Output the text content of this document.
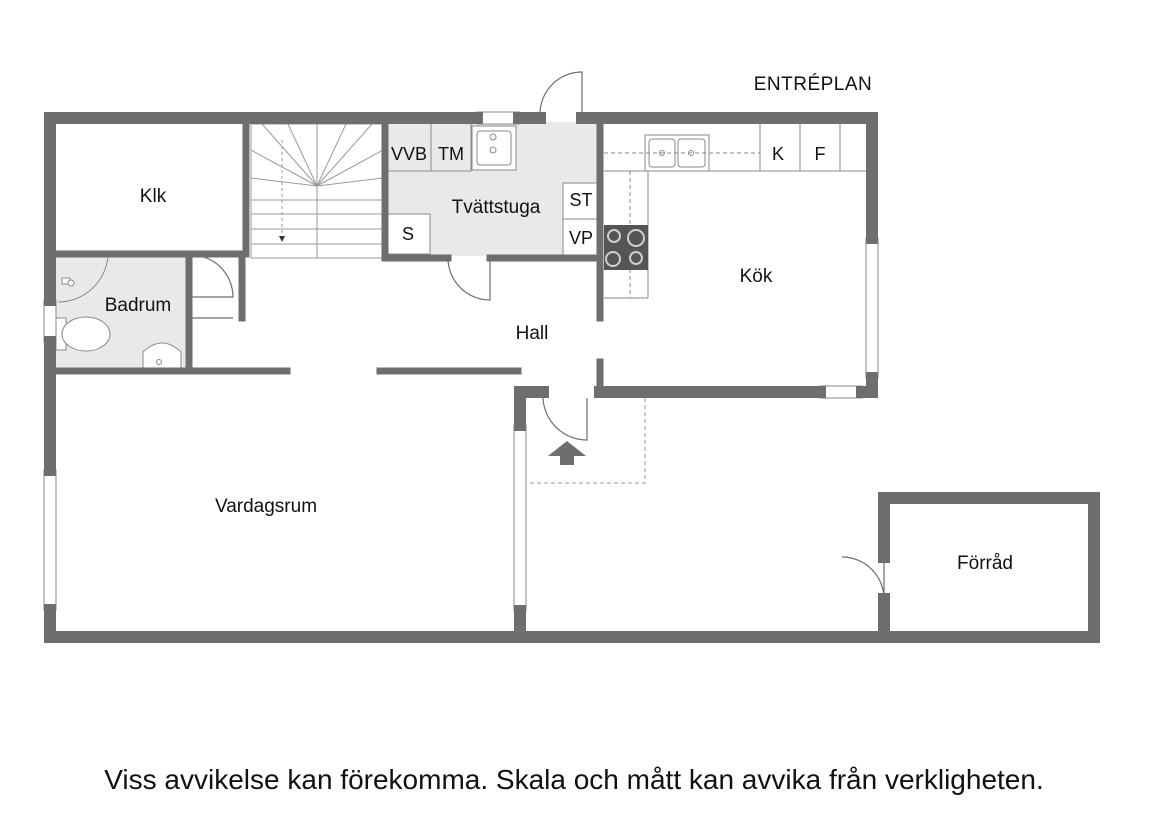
ENTRÉPLAN
Klk
Badrum
Tvättstuga
Kök
Hall
Vardagsrum
Förråd
VVB TM
ST
S	VP
K F
Viss avvikelse kan förekomma. Skala och mått kan avvika från verkligheten.
